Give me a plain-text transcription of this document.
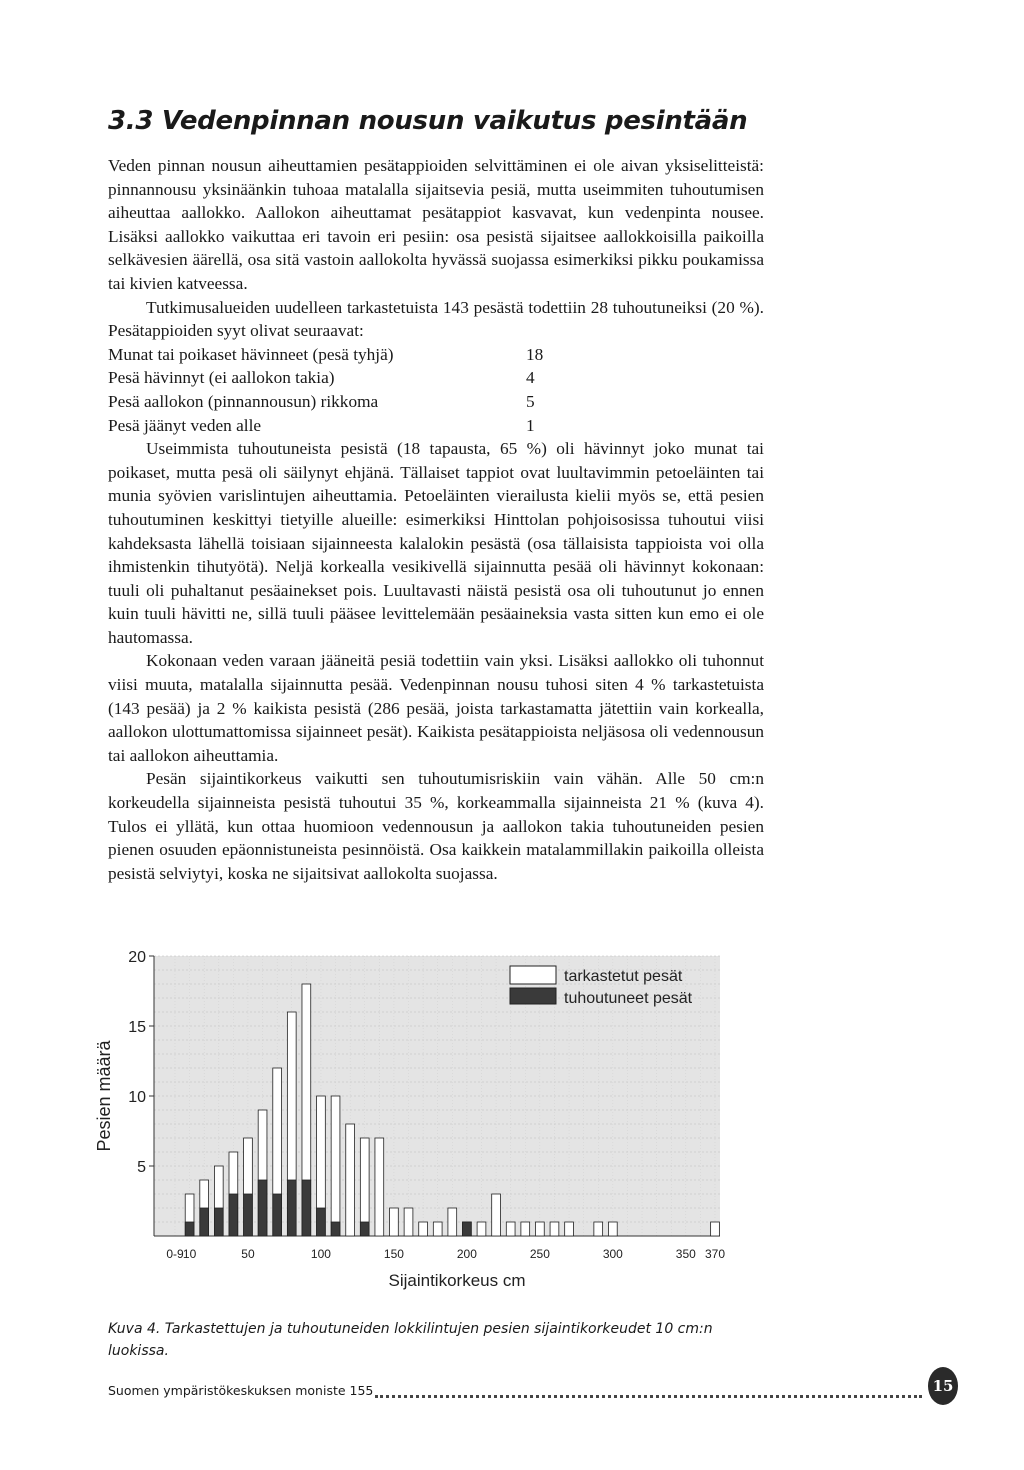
3.3 Vedenpinnan nousun vaikutus pesintään

Veden pinnan nousun aiheuttamien pesätappioiden selvittäminen ei ole aivan yksiselitteistä: pinnannousu yksinäänkin tuhoaa matalalla sijaitsevia pesiä, mutta useimmiten tuhoutumisen aiheuttaa aallokko. Aallokon aiheuttamat pesätappiot kasvavat, kun vedenpinta nousee. Lisäksi aallokko vaikuttaa eri tavoin eri pesiin: osa pesistä sijaitsee aallokkoisilla paikoilla selkävesien äärellä, osa sitä vastoin aallokolta hyvässä suojassa esimerkiksi pikku poukamissa tai kivien katveessa.

Tutkimusalueiden uudelleen tarkastetuista 143 pesästä todettiin 28 tuhoutuneiksi (20 %). Pesätappioiden syyt olivat seuraavat:

Munat tai poikaset hävinneet (pesä tyhjä)	18
Pesä hävinnyt (ei aallokon takia)	4
Pesä aallokon (pinnannousun) rikkoma	5
Pesä jäänyt veden alle	1

Useimmista tuhoutuneista pesistä (18 tapausta, 65 %) oli hävinnyt joko munat tai poikaset, mutta pesä oli säilynyt ehjänä. Tällaiset tappiot ovat luultavimmin petoeläinten tai munia syövien varislintujen aiheuttamia. Petoeläinten vierailusta kielii myös se, että pesien tuhoutuminen keskittyi tietyille alueille: esimerkiksi Hinttolan pohjoisosissa tuhoutui viisi kahdeksasta lähellä toisiaan sijainneesta kalalokin pesästä (osa tällaisista tappioista voi olla ihmistenkin tihutyötä). Neljä korkealla vesikivellä sijainnutta pesää oli hävinnyt kokonaan: tuuli oli puhaltanut pesäainekset pois. Luultavasti näistä pesistä osa oli tuhoutunut jo ennen kuin tuuli hävitti ne, sillä tuuli pääsee levittelemään pesäaineksia vasta sitten kun emo ei ole hautomassa.

Kokonaan veden varaan jääneitä pesiä todettiin vain yksi. Lisäksi aallokko oli tuhonnut viisi muuta, matalalla sijainnutta pesää. Vedenpinnan nousu tuhosi siten 4 % tarkastetuista (143 pesää) ja 2 % kaikista pesistä (286 pesää, joista tarkastamatta jätettiin vain korkealla, aallokon ulottumattomissa sijainneet pesät). Kaikista pesätappioista neljäsosa oli vedennousun tai aallokon aiheuttamia.

Pesän sijaintikorkeus vaikutti sen tuhoutumisriskiin vain vähän. Alle 50 cm:n korkeudella sijainneista pesistä tuhoutui 35 %, korkeammalla sijainneista 21 % (kuva 4). Tulos ei yllätä, kun ottaa huomioon vedennousun ja aallokon takia tuhoutuneiden pesien pienen osuuden epäonnistuneista pesinnöistä. Osa kaikkein matalammillakin paikoilla olleista pesistä selviytyi, koska ne sijaitsivat aallokolta suojassa.

5
10
15
20
0-9 10	50	100	150	200	250	300	350 370
Pesien määrä
Sijaintikorkeus cm
tarkastetut pesät
tuhoutuneet pesät

Kuva 4. Tarkastettujen ja tuhoutuneiden lokkilintujen pesien sijaintikorkeudet 10 cm:n luokissa.

Suomen ympäristökeskuksen moniste 155	15
